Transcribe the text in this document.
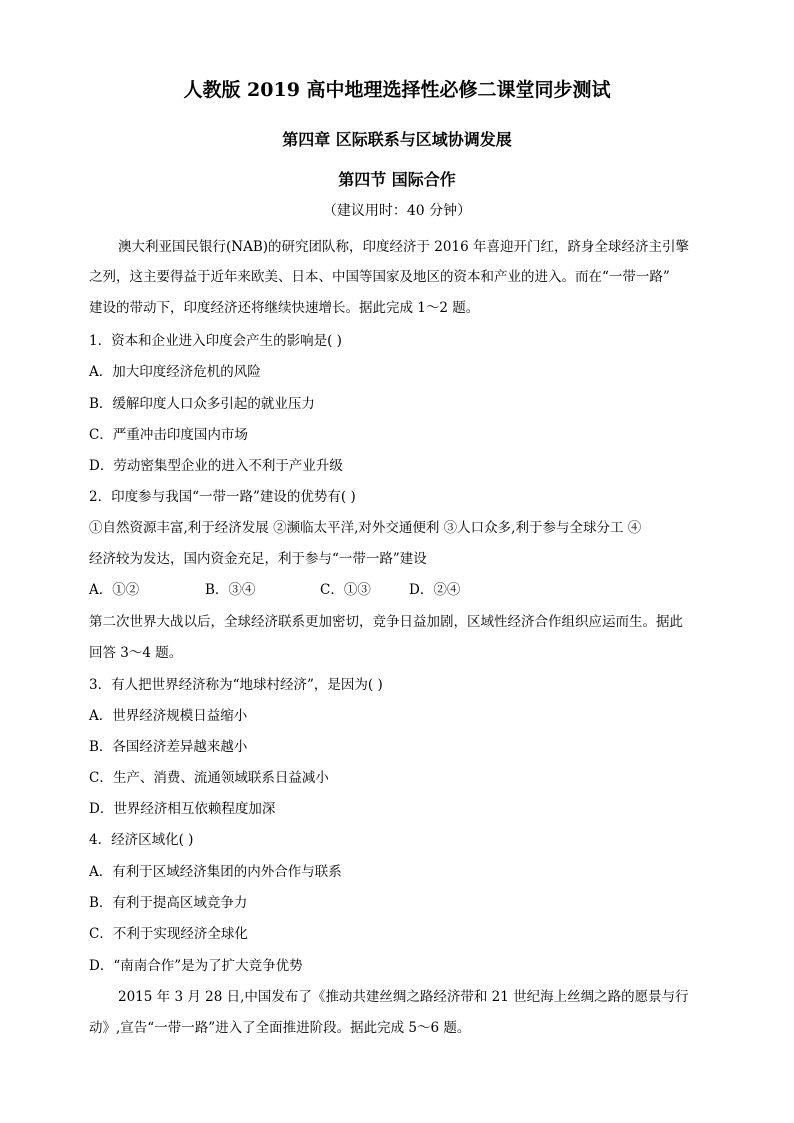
人教版 2019 高中地理选择性必修二课堂同步测试
第四章 区际联系与区域协调发展
第四节 国际合作
（建议用时：40 分钟）
澳大利亚国民银行(NAB)的研究团队称，印度经济于 2016 年喜迎开门红，跻身全球经济主引擎
之列，这主要得益于近年来欧美、日本、中国等国家及地区的资本和产业的进入。而在“一带一路”
建设的带动下，印度经济还将继续快速增长。据此完成 1～2 题。
1．资本和企业进入印度会产生的影响是( )
A．加大印度经济危机的风险
B．缓解印度人口众多引起的就业压力
C．严重冲击印度国内市场
D．劳动密集型企业的进入不利于产业升级
2．印度参与我国“一带一路”建设的优势有( )
①自然资源丰富,利于经济发展 ②濒临太平洋,对外交通便利 ③人口众多,利于参与全球分工 ④
经济较为发达，国内资金充足，利于参与“一带一路”建设
A．①②	B．③④	C．①③	D．②④
第二次世界大战以后，全球经济联系更加密切，竞争日益加剧，区域性经济合作组织应运而生。据此
回答 3～4 题。
3．有人把世界经济称为“地球村经济”，是因为( )
A．世界经济规模日益缩小
B．各国经济差异越来越小
C．生产、消费、流通领域联系日益减小
D．世界经济相互依赖程度加深
4．经济区域化( )
A．有利于区域经济集团的内外合作与联系
B．有利于提高区域竞争力
C．不利于实现经济全球化
D．“南南合作”是为了扩大竞争优势
2015 年 3 月 28 日,中国发布了《推动共建丝绸之路经济带和 21 世纪海上丝绸之路的愿景与行
动》,宣告“一带一路”进入了全面推进阶段。据此完成 5～6 题。
